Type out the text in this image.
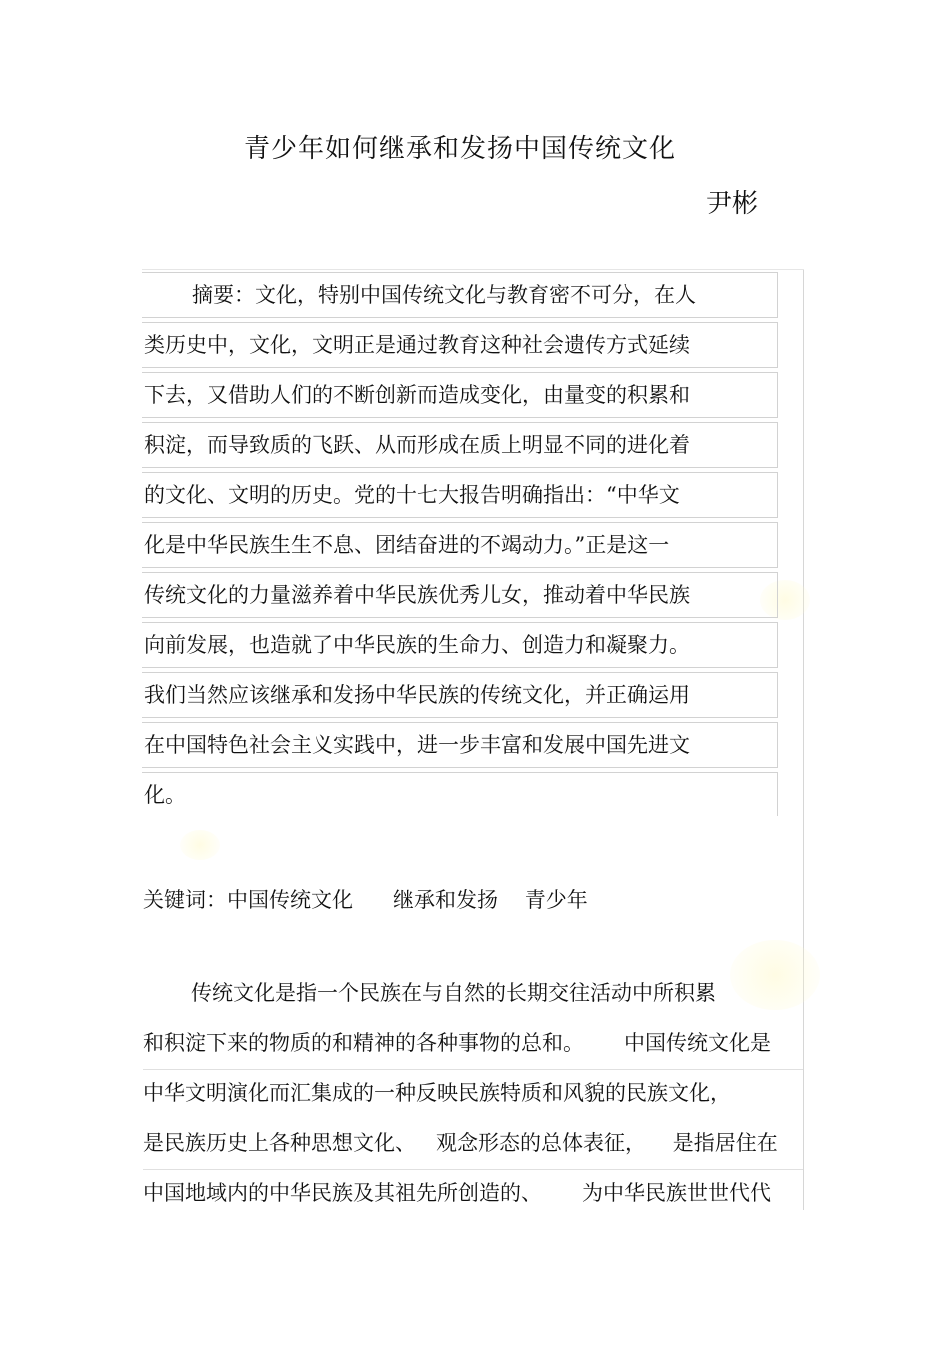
青少年如何继承和发扬中国传统文化
尹彬
摘要：文化，特别中国传统文化与教育密不可分，在人
类历史中，文化，文明正是通过教育这种社会遗传方式延续
下去，又借助人们的不断创新而造成变化，由量变的积累和
积淀，而导致质的飞跃、从而形成在质上明显不同的进化着
的文化、文明的历史。党的十七大报告明确指出：“中华文
化是中华民族生生不息、团结奋进的不竭动力。”正是这一
传统文化的力量滋养着中华民族优秀儿女，推动着中华民族
向前发展，也造就了中华民族的生命力、创造力和凝聚力。
我们当然应该继承和发扬中华民族的传统文化，并正确运用
在中国特色社会主义实践中，进一步丰富和发展中国先进文
化。
关键词：中国传统文化      继承和发扬    青少年
传统文化是指一个民族在与自然的长期交往活动中所积累
和积淀下来的物质的和精神的各种事物的总和。      中国传统文化是
中华文明演化而汇集成的一种反映民族特质和风貌的民族文化，
是民族历史上各种思想文化、   观念形态的总体表征，    是指居住在
中国地域内的中华民族及其祖先所创造的、      为中华民族世世代代
